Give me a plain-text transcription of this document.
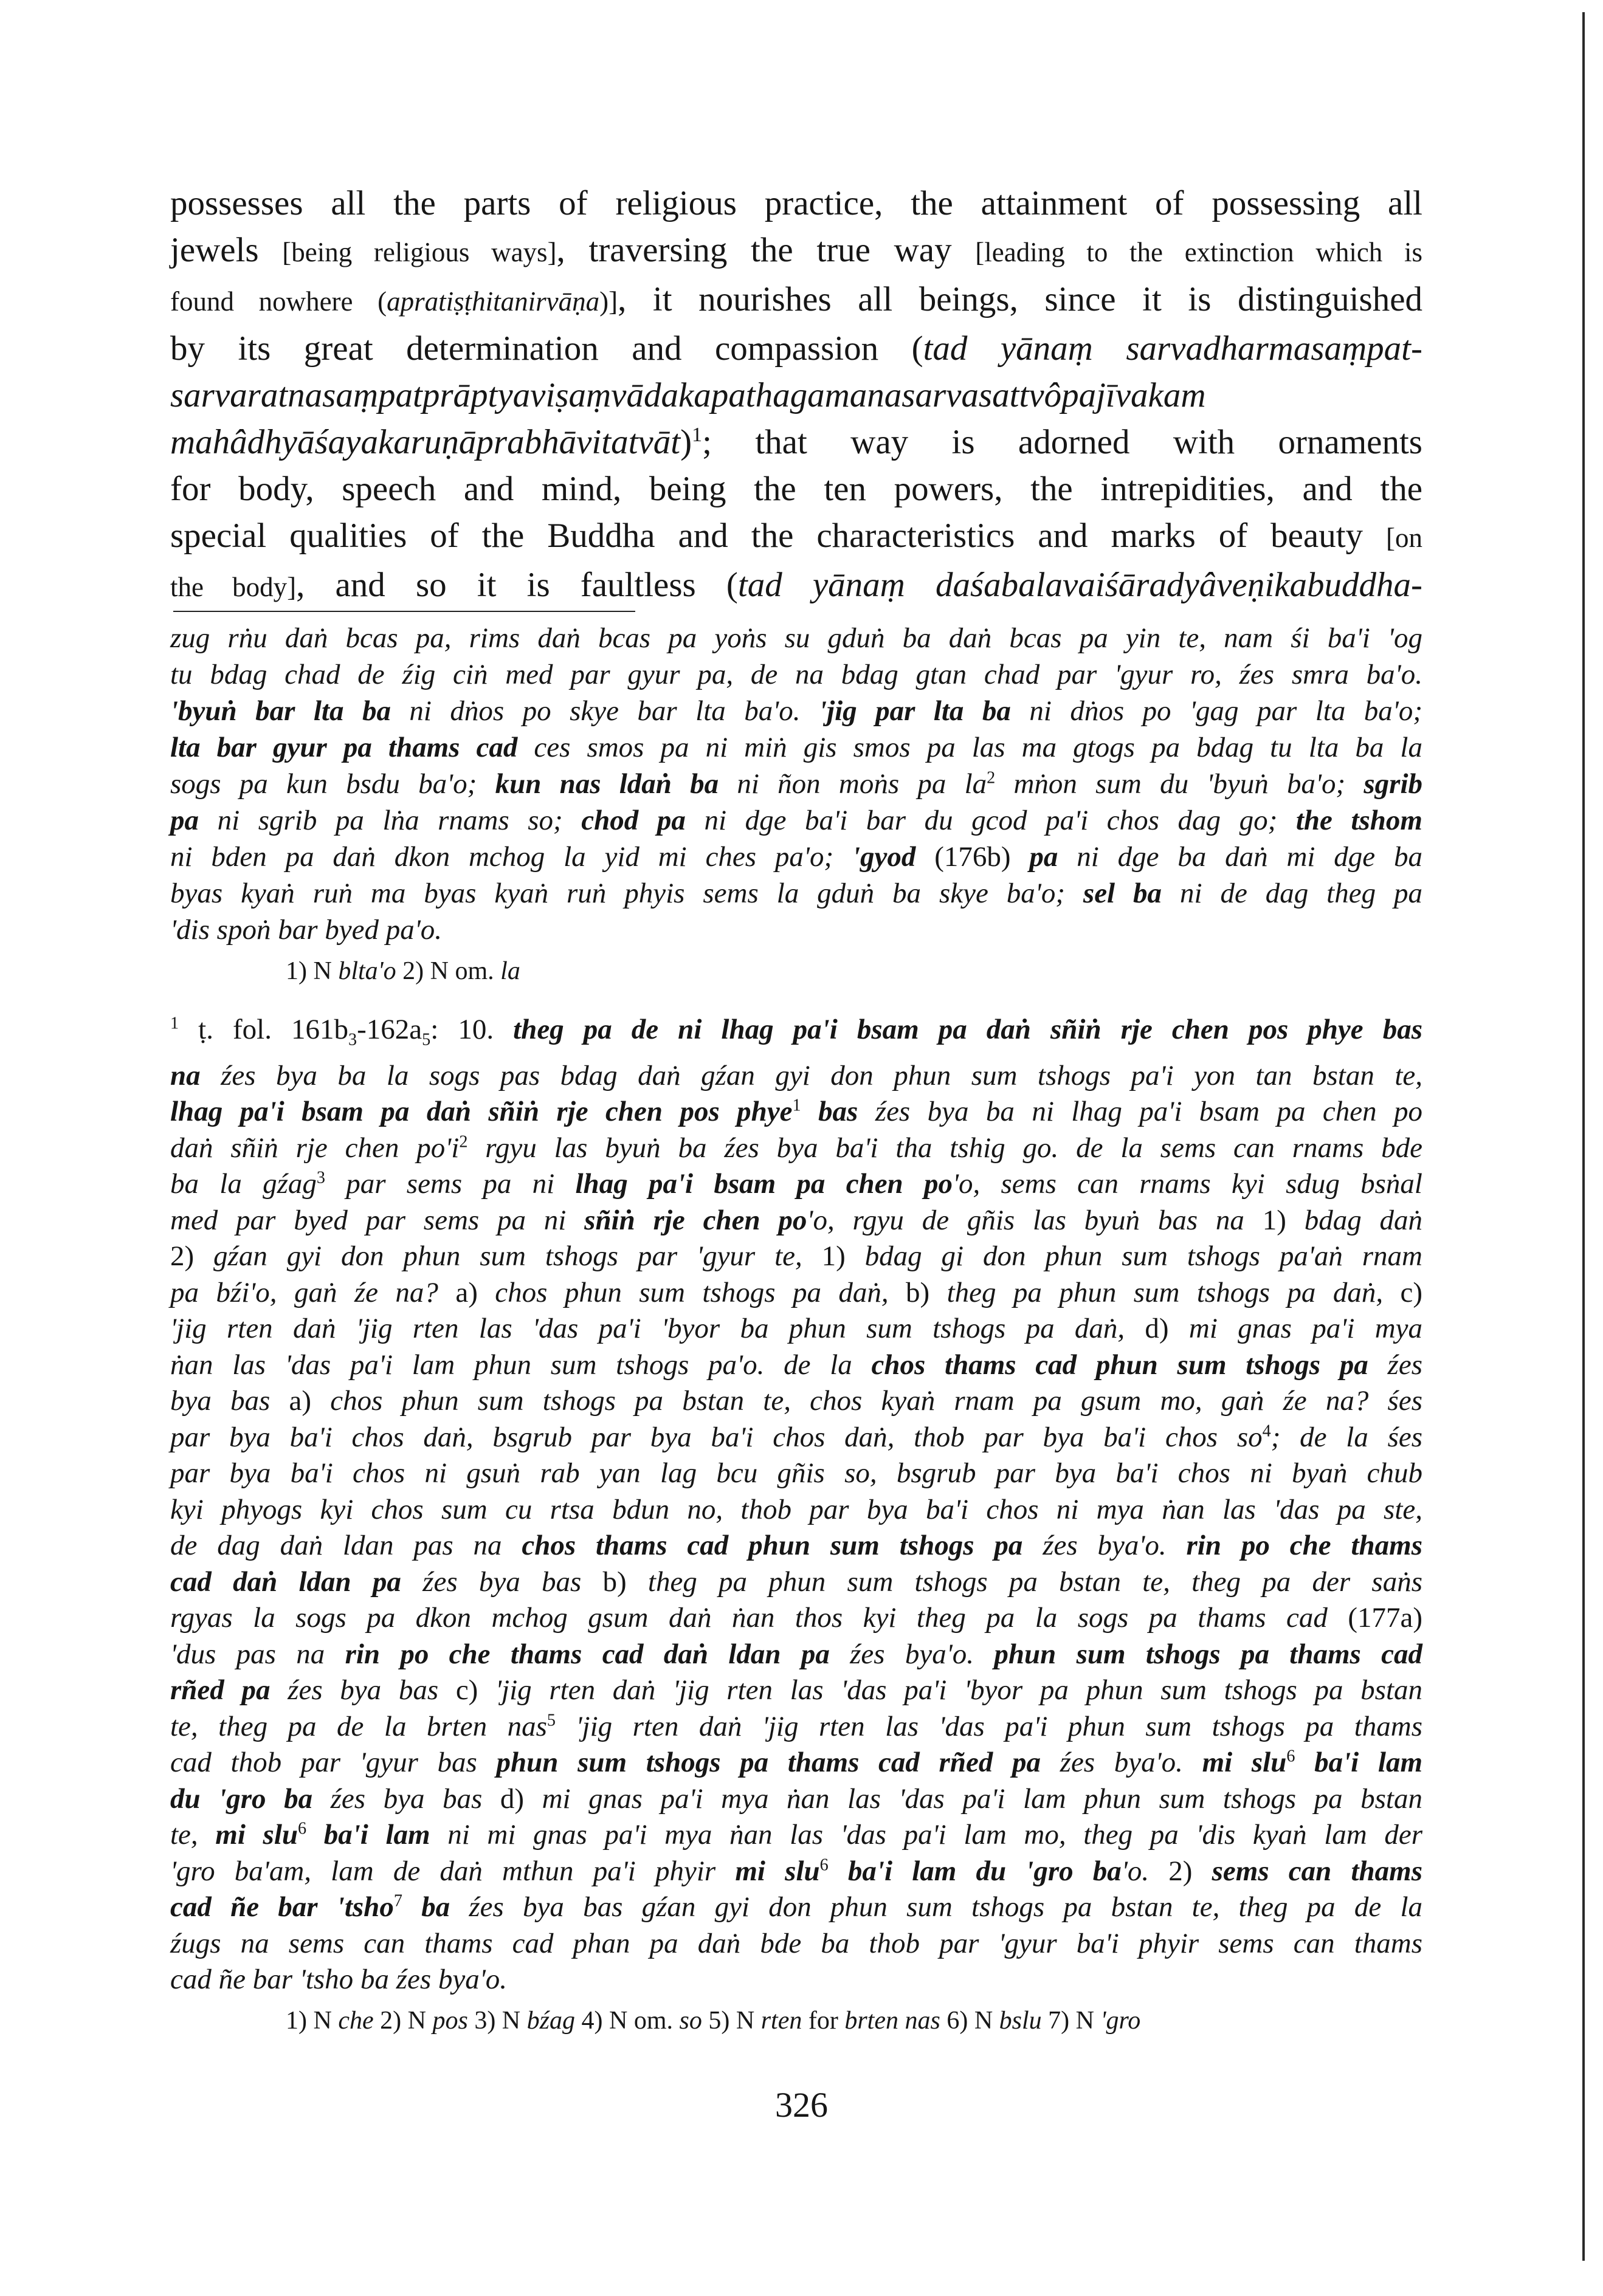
possesses all the parts of religious practice, the attainment of possessing all
jewels [being religious ways], traversing the true way [leading to the extinction which is
found nowhere (apratiṣṭhitanirvāṇa)], it nourishes all beings, since it is distinguished
by its great determination and compassion (tad yānaṃ sarvadharmasaṃpat-
sarvaratnasaṃpatprāptyaviṣaṃvādakapathagamanasarvasattvôpajīvakam
mahâdhyāśayakaruṇāprabhāvitatvāt)$^1$; that way is adorned with ornaments
for body, speech and mind, being the ten powers, the intrepidities, and the
special qualities of the Buddha and the characteristics and marks of beauty [on
the body], and so it is faultless (tad yānaṃ daśabalavaiśāradyâveṇikabuddha-
zug rṅu daṅ bcas pa, rims daṅ bcas pa yoṅs su gduṅ ba daṅ bcas pa yin te, nam śi ba'i 'og
tu bdag chad de źig ciṅ med par gyur pa, de na bdag gtan chad par 'gyur ro, źes smra ba'o.
'byuṅ bar lta ba ni dṅos po skye bar lta ba'o. 'jig par lta ba ni dṅos po 'gag par lta ba'o;
lta bar gyur pa thams cad ces smos pa ni miṅ gis smos pa las ma gtogs pa bdag tu lta ba la
sogs pa kun bsdu ba'o; kun nas ldaṅ ba ni ñon moṅs pa $la^2$ mṅon sum du 'byuṅ ba'o; sgrib
pa ni sgrib pa lṅa rnams so; chod pa ni dge ba'i bar du gcod pa'i chos dag go; the tshom
ni bden pa daṅ dkon mchog la yid mi ches pa'o; 'gyod (176b) pa ni dge ba daṅ mi dge ba
byas kyaṅ ruṅ ma byas kyaṅ ruṅ phyis sems la gduṅ ba skye ba'o; sel ba ni de dag theg pa
'dis spoṅ bar byed pa'o.
1) N blta'o 2) N om. la
$^1$ ṭ. fol. $161b_3-162a_5$: 10. theg pa de ni lhag pa'i bsam pa daṅ sñiṅ rje chen pos phye bas
na źes bya ba la sogs pas bdag daṅ gźan gyi don phun sum tshogs pa'i yon tan bstan te,
lhag pa'i bsam pa daṅ sñiṅ rje chen pos phye$^1$ bas źes bya ba ni lhag pa'i bsam pa chen po
daṅ sñiṅ rje chen $po'i^2$ rgyu las byuṅ ba źes bya ba'i tha tshig go. de la sems can rnams bde
ba la gźag$^3$ par sems pa ni lhag pa'i bsam pa chen po'o, sems can rnams kyi sdug bsṅal
med par byed par sems pa ni sñiṅ rje chen po'o, rgyu de gñis las byuṅ bas na 1) bdag daṅ
2) gźan gyi don phun sum tshogs par 'gyur te, 1) bdag gi don phun sum tshogs pa'aṅ rnam
pa bźi'o, gaṅ źe na? a) chos phun sum tshogs pa daṅ, b) theg pa phun sum tshogs pa daṅ, c)
'jig rten daṅ 'jig rten las 'das pa'i 'byor ba phun sum tshogs pa daṅ, d) mi gnas pa'i mya
ṅan las 'das pa'i lam phun sum tshogs pa'o. de la chos thams cad phun sum tshogs pa źes
bya bas a) chos phun sum tshogs pa bstan te, chos kyaṅ rnam pa gsum mo, gaṅ źe na? śes
par bya ba'i chos daṅ, bsgrub par bya ba'i chos daṅ, thob par bya ba'i chos $so^4$; de la śes
par bya ba'i chos ni gsuṅ rab yan lag bcu gñis so, bsgrub par bya ba'i chos ni byaṅ chub
kyi phyogs kyi chos sum cu rtsa bdun no, thob par bya ba'i chos ni mya ṅan las 'das pa ste,
de dag daṅ ldan pas na chos thams cad phun sum tshogs pa źes bya'o. rin po che thams
cad daṅ ldan pa źes bya bas b) theg pa phun sum tshogs pa bstan te, theg pa der saṅs
rgyas la sogs pa dkon mchog gsum daṅ ṅan thos kyi theg pa la sogs pa thams cad (177a)
'dus pas na rin po che thams cad daṅ ldan pa źes bya'o. phun sum tshogs pa thams cad
rñed pa źes bya bas c) 'jig rten daṅ 'jig rten las 'das pa'i 'byor pa phun sum tshogs pa bstan
te, theg pa de la brten nas$^5$ 'jig rten daṅ 'jig rten las 'das pa'i phun sum tshogs pa thams
cad thob par 'gyur bas phun sum tshogs pa thams cad rñed pa źes bya'o. mi slu$^6$ ba'i lam
du 'gro ba źes bya bas d) mi gnas pa'i mya ṅan las 'das pa'i lam phun sum tshogs pa bstan
te, mi slu$^6$ ba'i lam ni mi gnas pa'i mya ṅan las 'das pa'i lam mo, theg pa 'dis kyaṅ lam der
'gro ba'am, lam de daṅ mthun pa'i phyir mi slu$^6$ ba'i lam du 'gro ba'o. 2) sems can thams
cad ñe bar 'tsho$^7$ ba źes bya bas gźan gyi don phun sum tshogs pa bstan te, theg pa de la
źugs na sems can thams cad phan pa daṅ bde ba thob par 'gyur ba'i phyir sems can thams
cad ñe bar 'tsho ba źes bya'o.
1) N che 2) N pos 3) N bźag 4) N om. so 5) N rten for brten nas 6) N bslu 7) N 'gro
326
